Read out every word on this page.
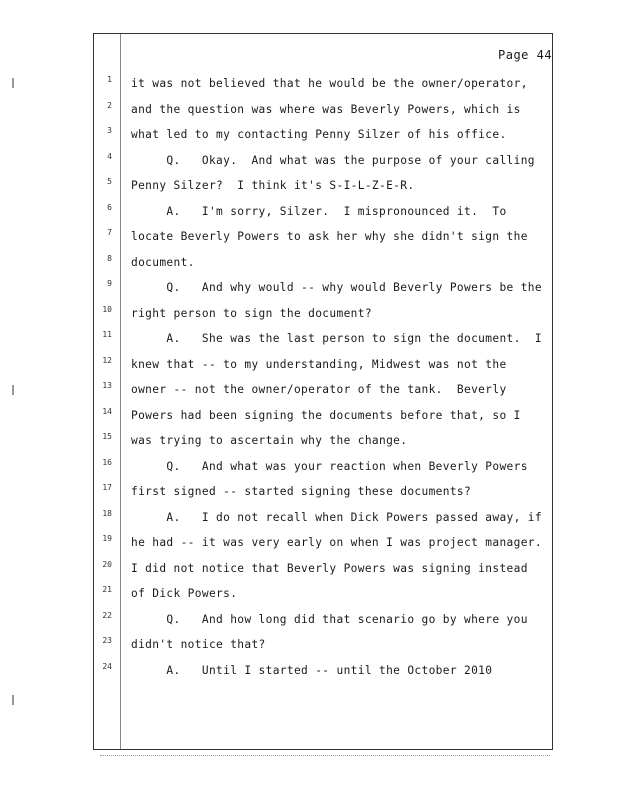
Page 44
1 it was not believed that he would be the owner/operator,
2 and the question was where was Beverly Powers, which is
3 what led to my contacting Penny Silzer of his office.
4 Q.   Okay.  And what was the purpose of your calling
5 Penny Silzer?  I think it's S-I-L-Z-E-R.
6 A.   I'm sorry, Silzer.  I mispronounced it.  To
7 locate Beverly Powers to ask her why she didn't sign the
8 document.
9 Q.   And why would -- why would Beverly Powers be the
10 right person to sign the document?
11 A.   She was the last person to sign the document.  I
12 knew that -- to my understanding, Midwest was not the
13 owner -- not the owner/operator of the tank.  Beverly
14 Powers had been signing the documents before that, so I
15 was trying to ascertain why the change.
16 Q.   And what was your reaction when Beverly Powers
17 first signed -- started signing these documents?
18 A.   I do not recall when Dick Powers passed away, if
19 he had -- it was very early on when I was project manager.
20 I did not notice that Beverly Powers was signing instead
21 of Dick Powers.
22 Q.   And how long did that scenario go by where you
23 didn't notice that?
24 A.   Until I started -- until the October 2010
